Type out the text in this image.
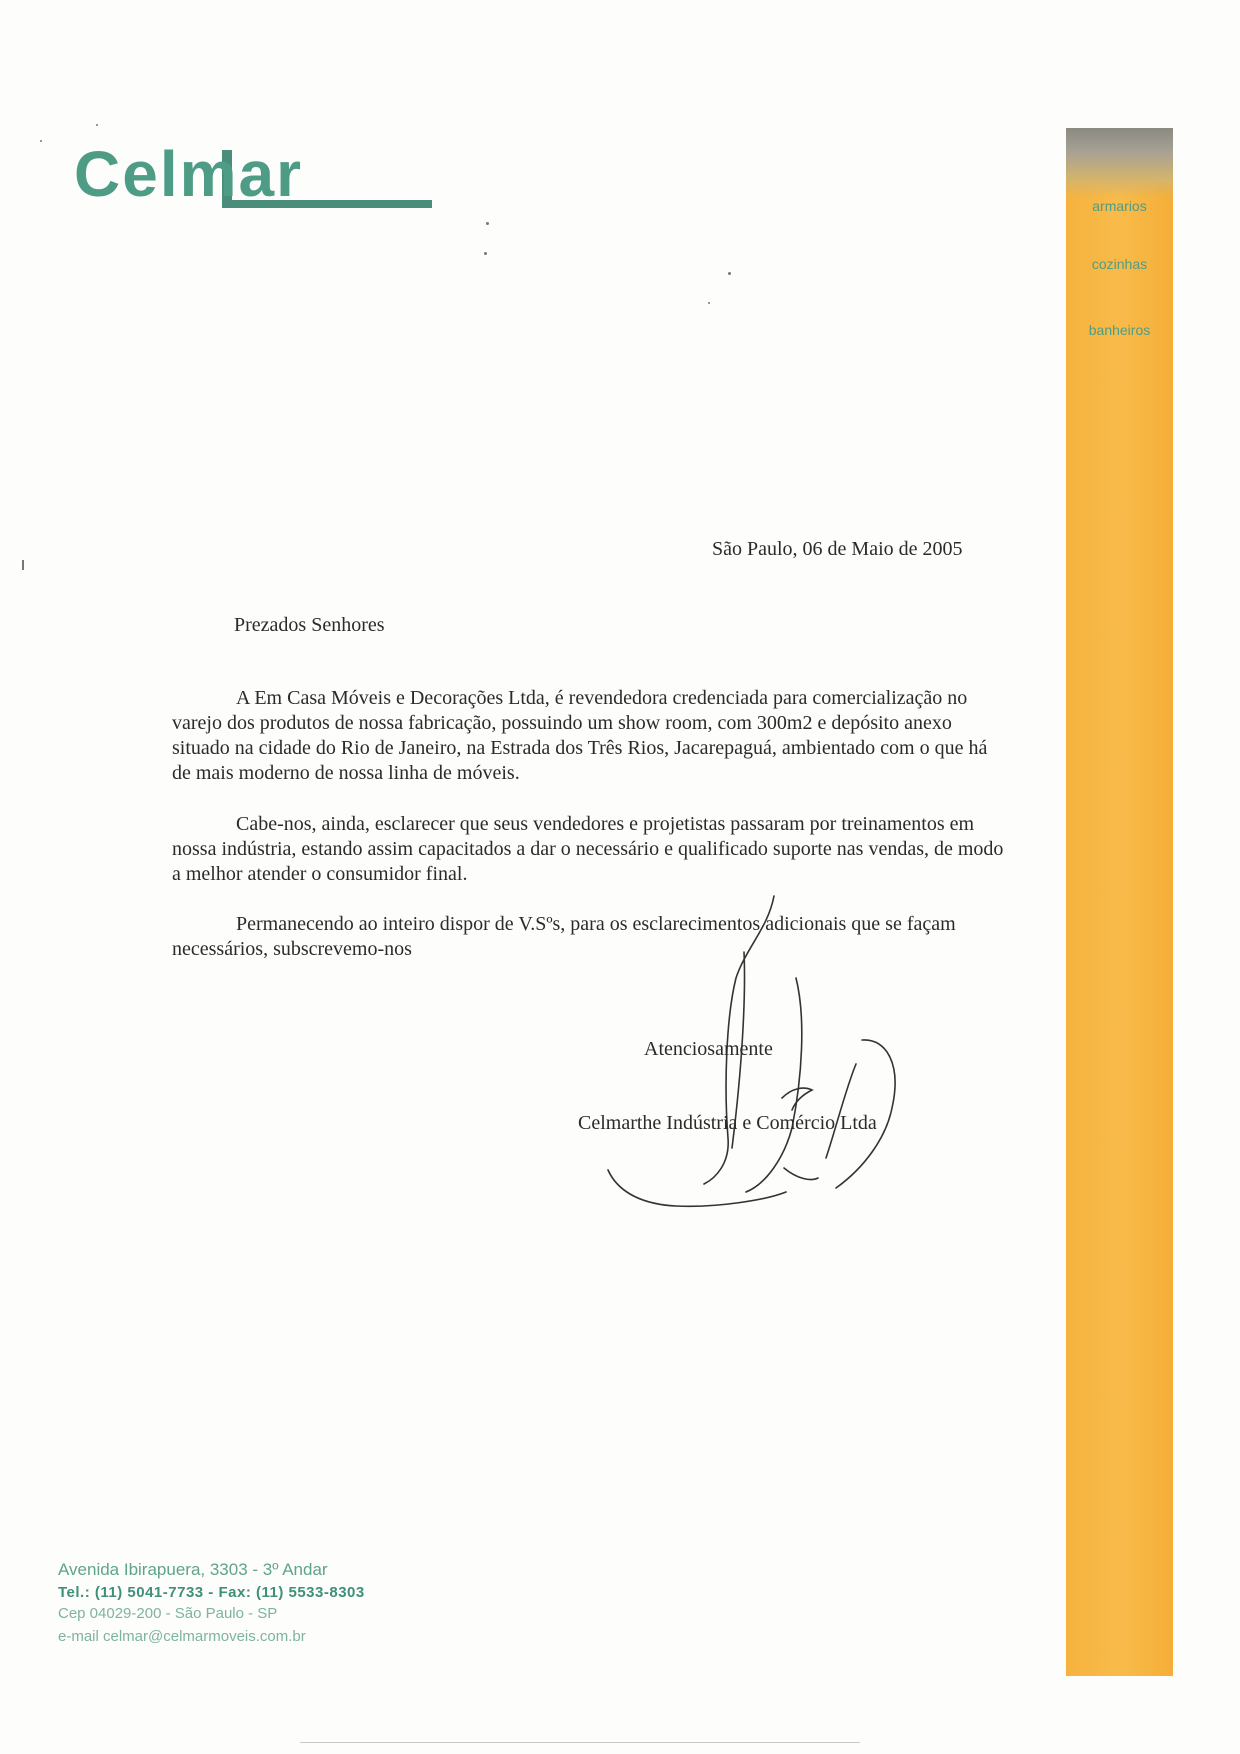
Celmar	armarios
cozinhas
banheiros
São Paulo, 06 de Maio de 2005
Prezados Senhores
A Em Casa Móveis e Decorações Ltda, é revendedora credenciada para comercialização no varejo dos produtos de nossa fabricação, possuindo um show room, com 300m2 e depósito anexo situado na cidade do Rio de Janeiro, na Estrada dos Três Rios, Jacarepaguá, ambientado com o que há de mais moderno de nossa linha de móveis.
Cabe-nos, ainda, esclarecer que seus vendedores e projetistas passaram por treinamentos em nossa indústria, estando assim capacitados a dar o necessário e qualificado suporte nas vendas, de modo a melhor atender o consumidor final.
Permanecendo ao inteiro dispor de V.Sºs, para os esclarecimentos adicionais que se façam necessários, subscrevemo-nos
Atenciosamente
Celmarthe Indústria e Comércio Ltda
Avenida Ibirapuera, 3303 - 3º Andar
Tel.: (11) 5041-7733 - Fax: (11) 5533-8303
Cep 04029-200 - São Paulo - SP
e-mail celmar@celmarmoveis.com.br
